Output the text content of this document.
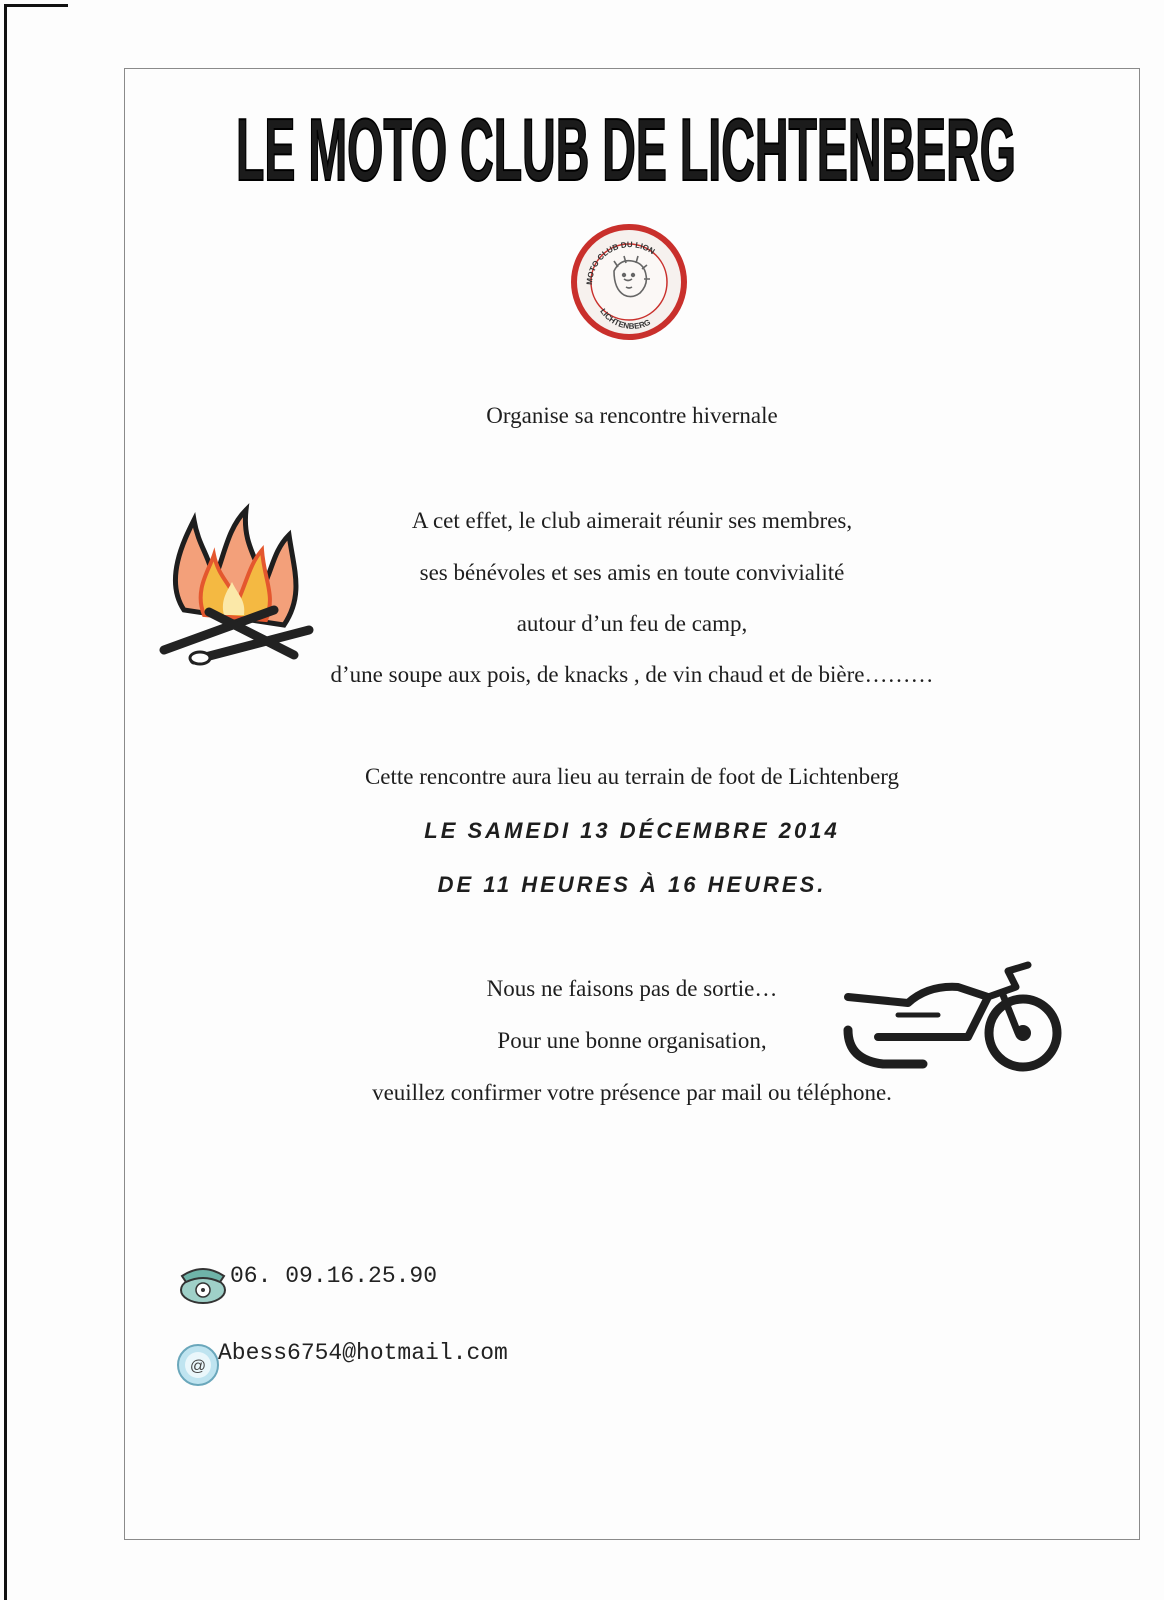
LE MOTO CLUB DE LICHTENBERG
MOTO CLUB DU LION
LICHTENBERG
Organise sa rencontre hivernale
A cet effet, le club aimerait réunir ses membres,
ses bénévoles et ses amis en toute convivialité
autour d’un feu de camp,
d’une soupe aux pois, de knacks , de vin chaud et de bière………
Cette rencontre aura lieu au terrain de foot de Lichtenberg
LE SAMEDI 13 DÉCEMBRE 2014
DE 11 HEURES À 16 HEURES.
Nous ne faisons pas de sortie…
Pour une bonne organisation,
veuillez confirmer votre présence par mail ou téléphone.
06. 09.16.25.90
@
Abess6754@hotmail.com
